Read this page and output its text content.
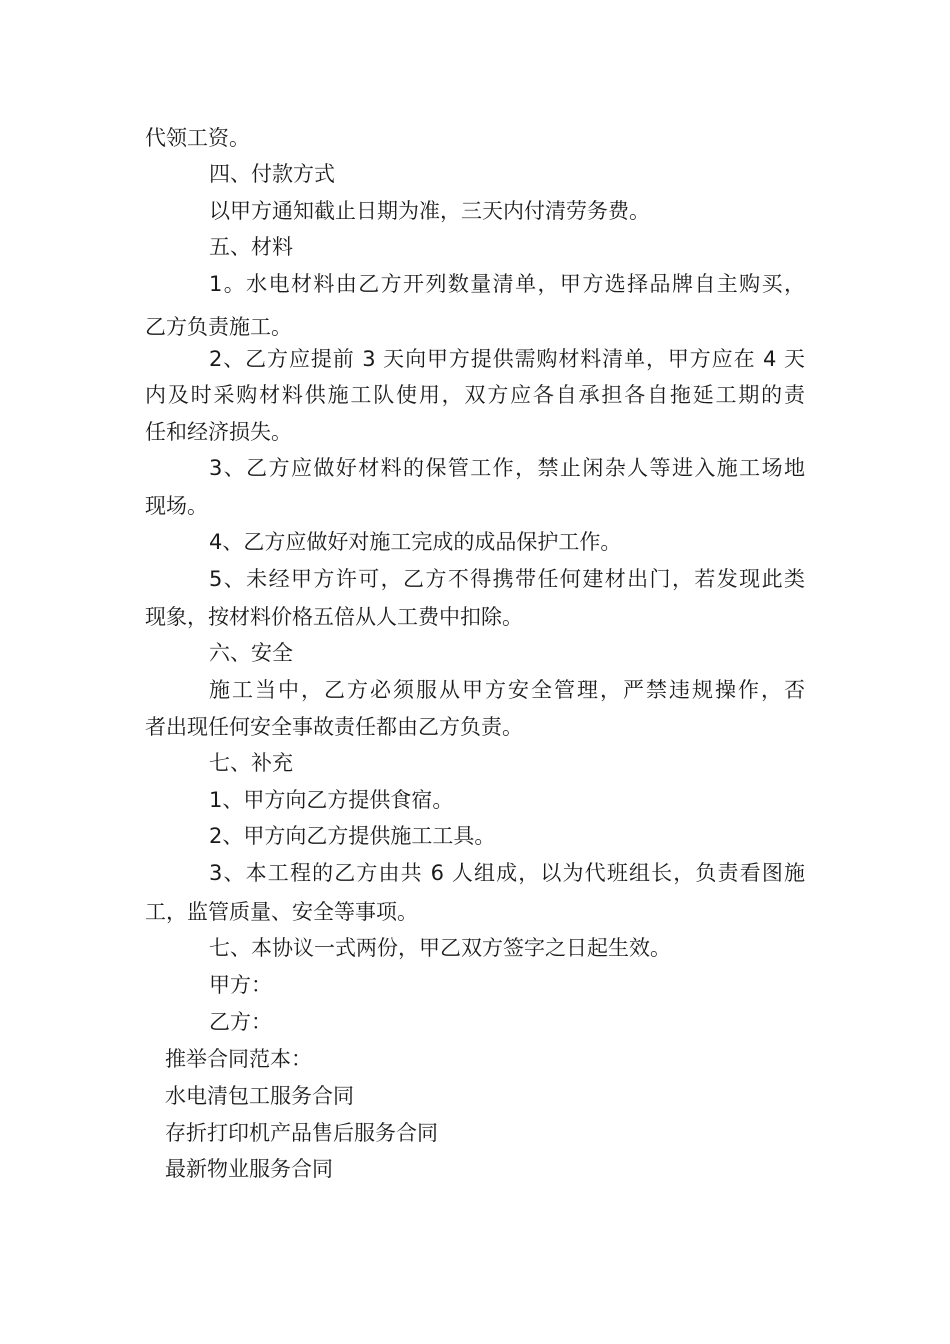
代领工资。
四、付款方式
以甲方通知截止日期为准，三天内付清劳务费。
五、材料
1。水电材料由乙方开列数量清单，甲方选择品牌自主购买，
乙方负责施工。
2、乙方应提前 3 天向甲方提供需购材料清单，甲方应在 4 天
内及时采购材料供施工队使用，双方应各自承担各自拖延工期的责
任和经济损失。
3、乙方应做好材料的保管工作，禁止闲杂人等进入施工场地
现场。
4、乙方应做好对施工完成的成品保护工作。
5、未经甲方许可，乙方不得携带任何建材出门，若发现此类
现象，按材料价格五倍从人工费中扣除。
六、安全
施工当中，乙方必须服从甲方安全管理，严禁违规操作，否
者出现任何安全事故责任都由乙方负责。
七、补充
1、甲方向乙方提供食宿。
2、甲方向乙方提供施工工具。
3、本工程的乙方由共 6 人组成，以为代班组长，负责看图施
工，监管质量、安全等事项。
七、本协议一式两份，甲乙双方签字之日起生效。
甲方：
乙方：
推举合同范本：
水电清包工服务合同
存折打印机产品售后服务合同
最新物业服务合同
